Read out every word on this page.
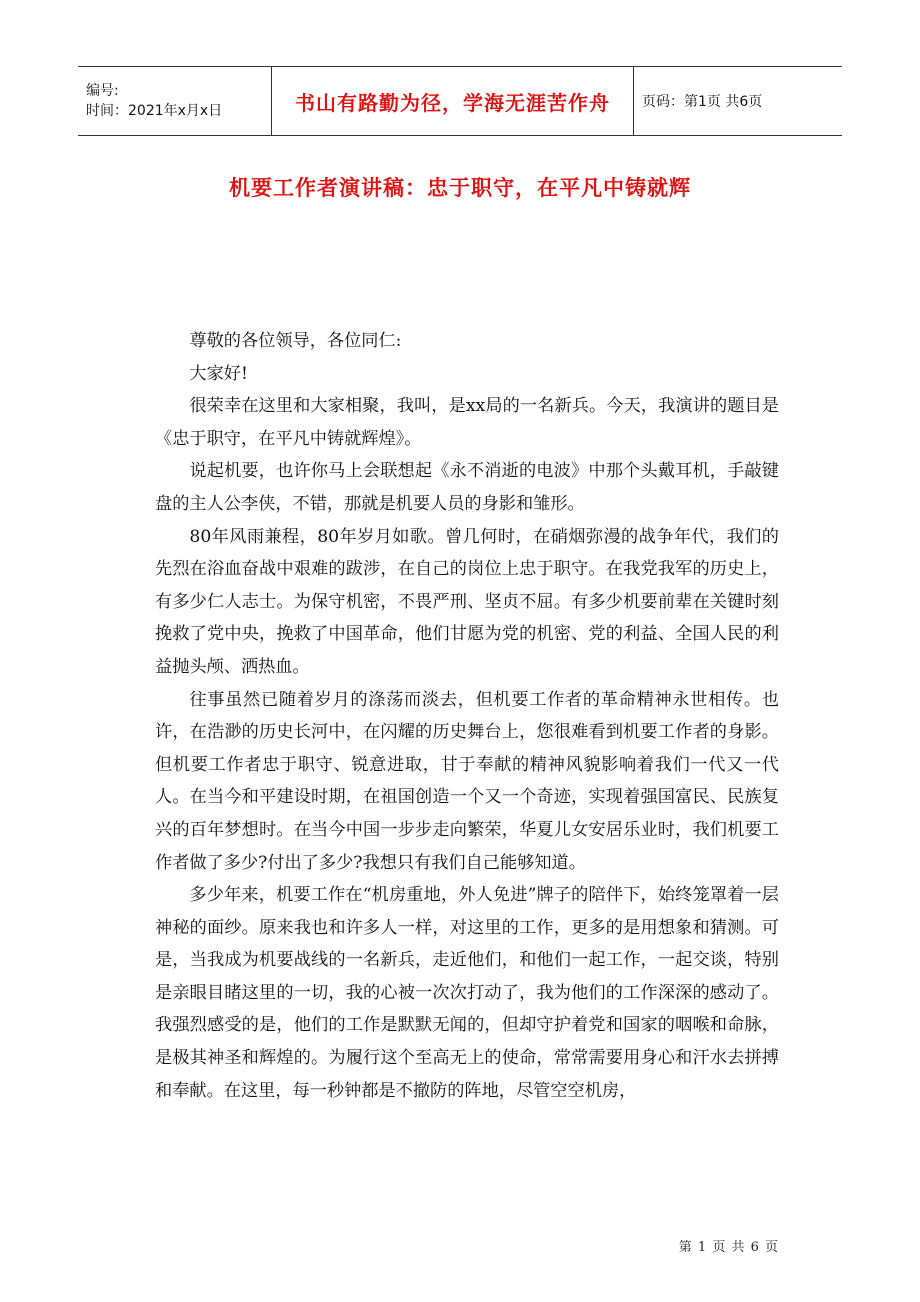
编号:
时间：2021年x月x日	书山有路勤为径，学海无涯苦作舟 页码：第1页 共6页
机要工作者演讲稿：忠于职守，在平凡中铸就辉

尊敬的各位领导，各位同仁:

大家好!

很荣幸在这里和大家相聚，我叫，是xx局的一名新兵。今天，我演讲的题目是《忠于职守，在平凡中铸就辉煌》。

说起机要，也许你马上会联想起《永不消逝的电波》中那个头戴耳机，手敲键盘的主人公李侠，不错，那就是机要人员的身影和雏形。

80年风雨兼程，80年岁月如歌。曾几何时，在硝烟弥漫的战争年代，我们的先烈在浴血奋战中艰难的跋涉，在自己的岗位上忠于职守。在我党我军的历史上，有多少仁人志士。为保守机密，不畏严刑、坚贞不屈。有多少机要前辈在关键时刻挽救了党中央，挽救了中国革命，他们甘愿为党的机密、党的利益、全国人民的利益抛头颅、洒热血。

往事虽然已随着岁月的涤荡而淡去，但机要工作者的革命精神永世相传。也许，在浩渺的历史长河中，在闪耀的历史舞台上，您很难看到机要工作者的身影。但机要工作者忠于职守、锐意进取，甘于奉献的精神风貌影响着我们一代又一代人。在当今和平建设时期，在祖国创造一个又一个奇迹，实现着强国富民、民族复兴的百年梦想时。在当今中国一步步走向繁荣，华夏儿女安居乐业时，我们机要工作者做了多少?付出了多少?我想只有我们自己能够知道。

多少年来，机要工作在“机房重地，外人免进”牌子的陪伴下，始终笼罩着一层神秘的面纱。原来我也和许多人一样，对这里的工作，更多的是用想象和猜测。可是，当我成为机要战线的一名新兵，走近他们，和他们一起工作，一起交谈，特别是亲眼目睹这里的一切，我的心被一次次打动了，我为他们的工作深深的感动了。我强烈感受的是，他们的工作是默默无闻的，但却守护着党和国家的咽喉和命脉，是极其神圣和辉煌的。为履行这个至高无上的使命，常常需要用身心和汗水去拼搏和奉献。在这里，每一秒钟都是不撤防的阵地，尽管空空机房，

第 1 页 共 6 页
